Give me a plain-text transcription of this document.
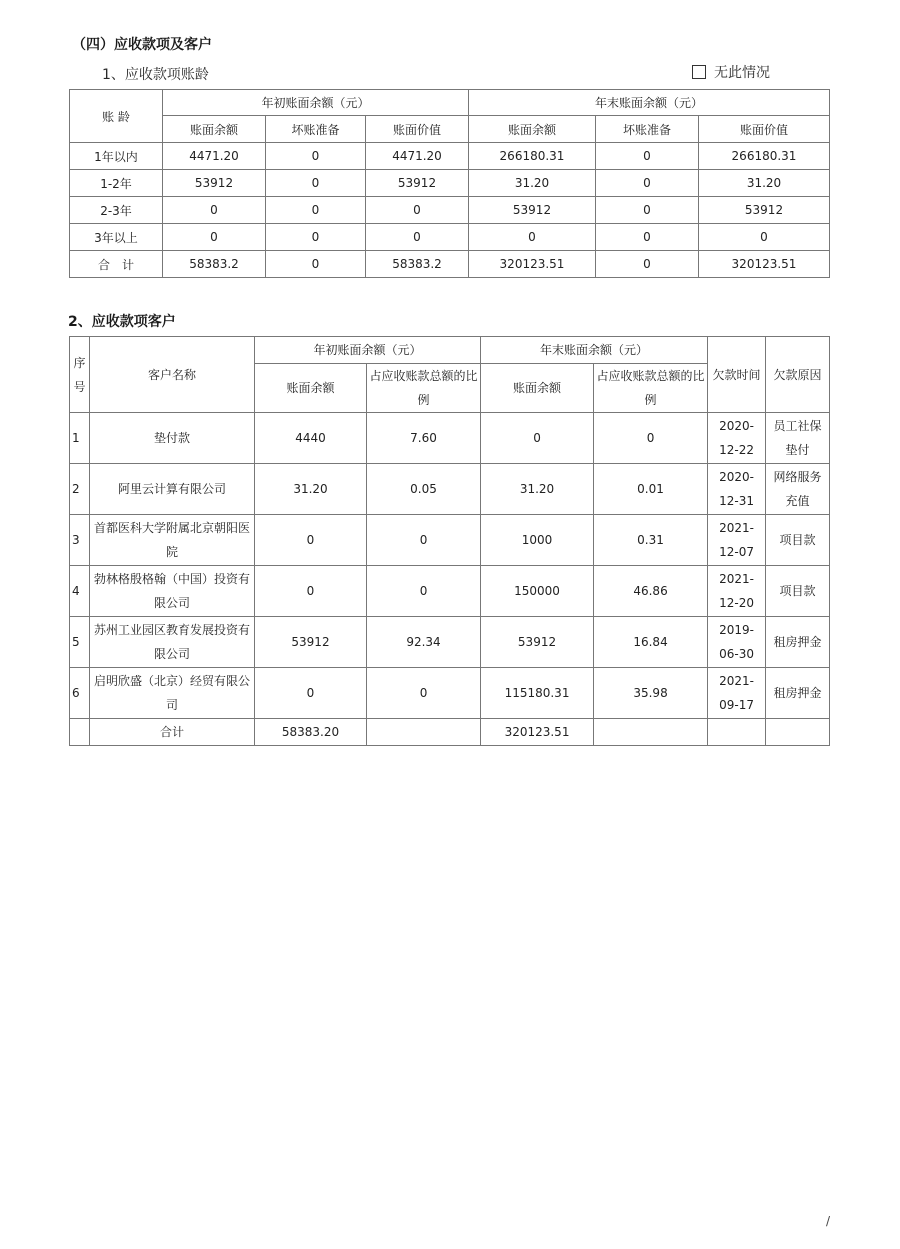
（四）应收款项及客户
1、应收款项账龄	无此情况
账 龄	年初账面余额（元）			年末账面余额（元）		
	账面余额	坏账准备	账面价值	账面余额	坏账准备	账面价值
1年以内	4471.20	0	4471.20	266180.31	0	266180.31
1-2年	53912	0	53912	31.20	0	31.20
2-3年	0	0	0	53912	0	53912
3年以上	0	0	0	0	0	0
合　计	58383.2	0	58383.2	320123.51	0	320123.51
2、应收款项客户
序号	客户名称	年初账面余额（元）		年末账面余额（元）		欠款时间	欠款原因
		账面余额	占应收账款总额的比例	账面余额	占应收账款总额的比例		
1	垫付款	4440	7.60	0	0	2020-12-22	员工社保垫付
2	阿里云计算有限公司	31.20	0.05	31.20	0.01	2020-12-31	网络服务充值
3	首都医科大学附属北京朝阳医院	0	0	1000	0.31	2021-12-07	项目款
4	勃林格殷格翰（中国）投资有限公司	0	0	150000	46.86	2021-12-20	项目款
5	苏州工业园区教育发展投资有限公司	53912	92.34	53912	16.84	2019-06-30	租房押金
6	启明欣盛（北京）经贸有限公司	0	0	115180.31	35.98	2021-09-17	租房押金
	合计	58383.20		320123.51			
/
